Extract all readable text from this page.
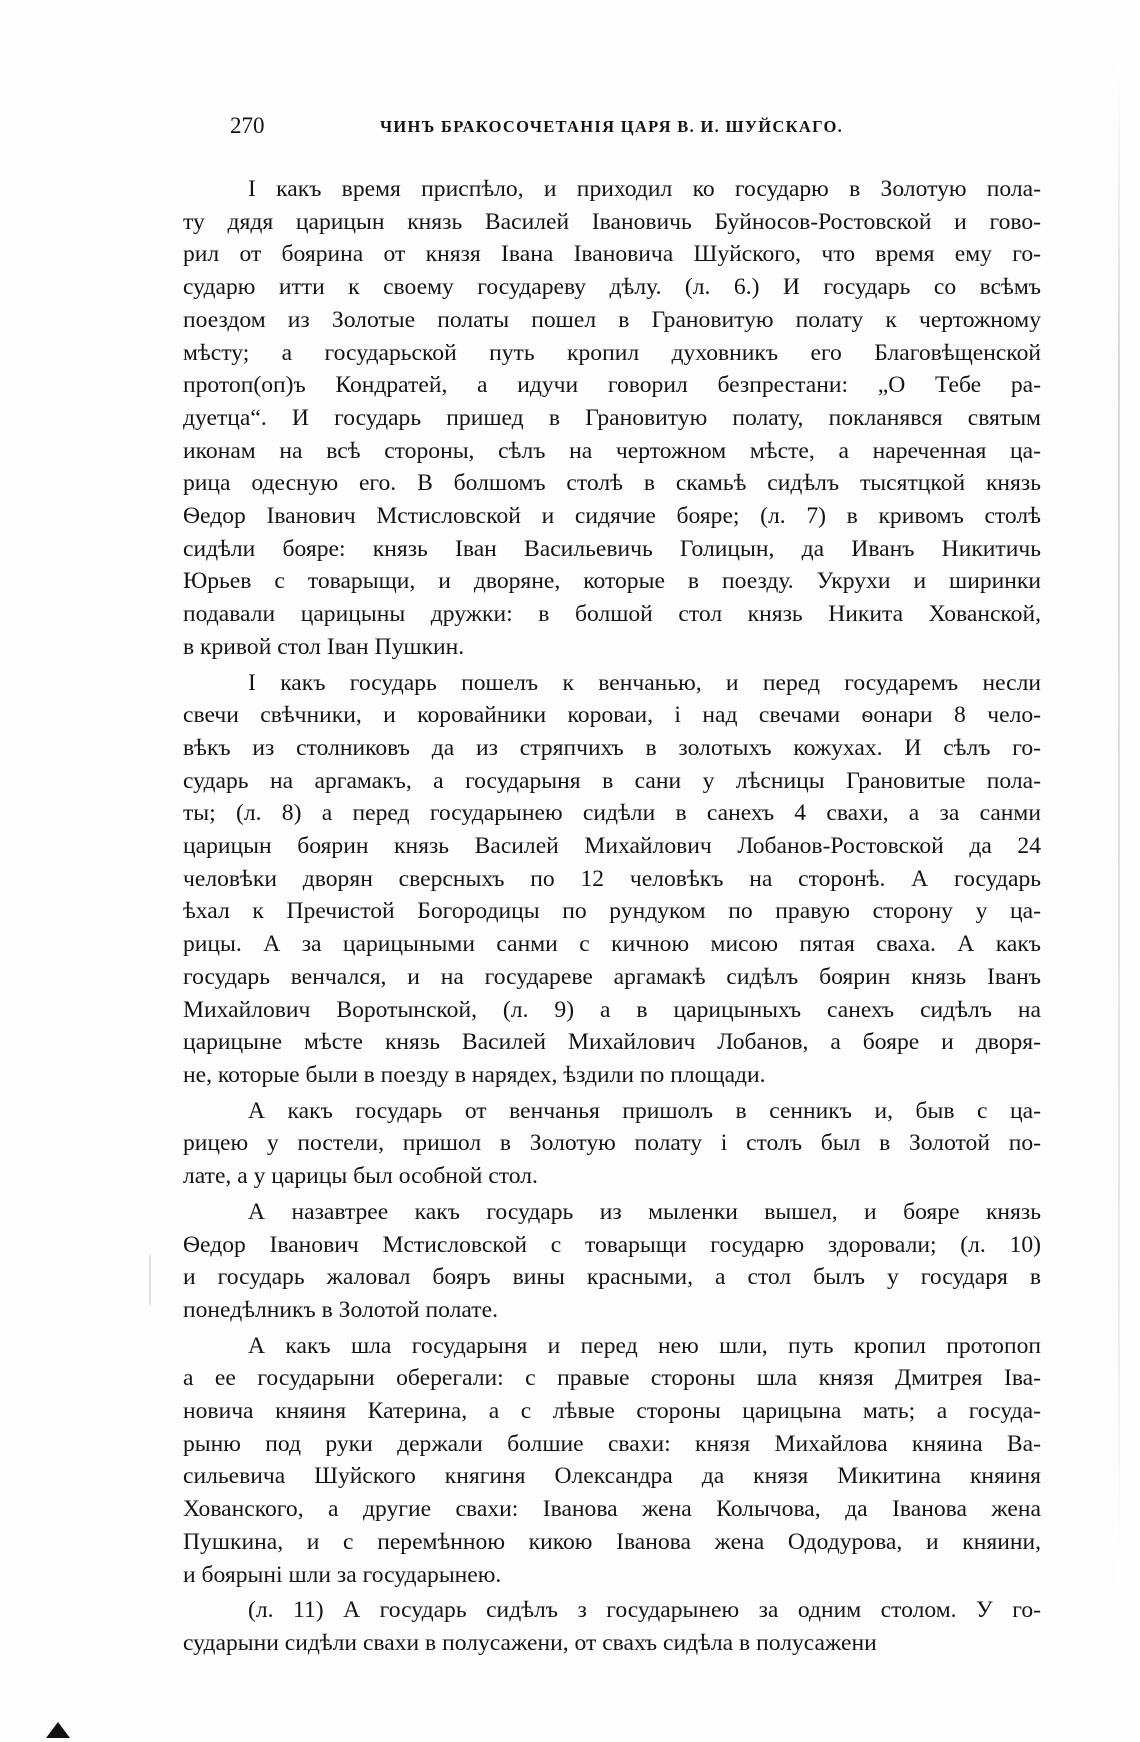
270	ЧИНЪ БРАКОСОЧЕТАНІЯ ЦАРЯ В. И. ШУЙСКАГО.
І какъ время приспѣло, и приходил ко государю в Золотую пола-
ту дядя царицын князь Василей Івановичь Буйносов-Ростовской и гово-
рил от боярина от князя Івана Івановича Шуйского, что время ему го-
сударю итти к своему государеву дѣлу. (л. 6.) И государь со всѣмъ
поездом из Золотые полаты пошел в Грановитую полату к чертожному
мѣсту; а государьской путь кропил духовникъ его Благовѣщенской
протоп(оп)ъ Кондратей, а идучи говорил безпрестани: „О Тебе ра-
дуетца“. И государь пришед в Грановитую полату, покланявся святым
иконам на всѣ стороны, сѣлъ на чертожном мѣсте, а нареченная ца-
рица одесную его. В болшомъ столѣ в скамьѣ сидѣлъ тысятцкой князь
Ѳедор Іванович Мстисловской и сидячие бояре; (л. 7) в кривомъ столѣ
сидѣли бояре: князь Іван Васильевичь Голицын, да Иванъ Никитичь
Юрьев с товарыщи, и дворяне, которые в поезду. Укрухи и ширинки
подавали царицыны дружки: в болшой стол князь Никита Хованской,
в кривой стол Іван Пушкин.
І какъ государь пошелъ к венчанью, и перед государемъ несли
свечи свѣчники, и коровайники короваи, і над свечами ѳонари 8 чело-
вѣкъ из столниковъ да из стряпчихъ в золотыхъ кожухах. И сѣлъ го-
сударь на аргамакъ, а государыня в сани у лѣсницы Грановитые пола-
ты; (л. 8) а перед государынею сидѣли в санехъ 4 свахи, а за санми
царицын боярин князь Василей Михайлович Лобанов-Ростовской да 24
человѣки дворян сверсныхъ по 12 человѣкъ на сторонѣ. А государь
ѣхал к Пречистой Богородицы по рундуком по правую сторону у ца-
рицы. А за царицыными санми с кичною мисою пятая сваха. А какъ
государь венчался, и на государеве аргамакѣ сидѣлъ боярин князь Іванъ
Михайлович Воротынской, (л. 9) а в царицыныхъ санехъ сидѣлъ на
царицыне мѣсте князь Василей Михайлович Лобанов, а бояре и дворя-
не, которые были в поезду в нарядех, ѣздили по площади.
А какъ государь от венчанья пришолъ в сенникъ и, быв с ца-
рицею у постели, пришол в Золотую полату і столъ был в Золотой по-
лате, а у царицы был особной стол.
А назавтрее какъ государь из мыленки вышел, и бояре князь
Ѳедор Іванович Мстисловской с товарыщи государю здоровали; (л. 10)
и государь жаловал бояръ вины красными, а стол былъ у государя в
понедѣлникъ в Золотой полате.
А какъ шла государыня и перед нею шли, путь кропил протопоп
а ее государыни оберегали: с правые стороны шла князя Дмитрея Іва-
новича княиня Катерина, а с лѣвые стороны царицына мать; а госуда-
рыню под руки держали болшие свахи: князя Михайлова княина Ва-
сильевича Шуйского княгиня Олександра да князя Микитина княиня
Хованского, а другие свахи: Іванова жена Колычова, да Іванова жена
Пушкина, и с перемѣнною кикою Іванова жена Ододурова, и княини,
и боярыні шли за государынею.
(л. 11) А государь сидѣлъ з государынею за одним столом. У го-
сударыни сидѣли свахи в полусажени, от свахъ сидѣла в полусажени
